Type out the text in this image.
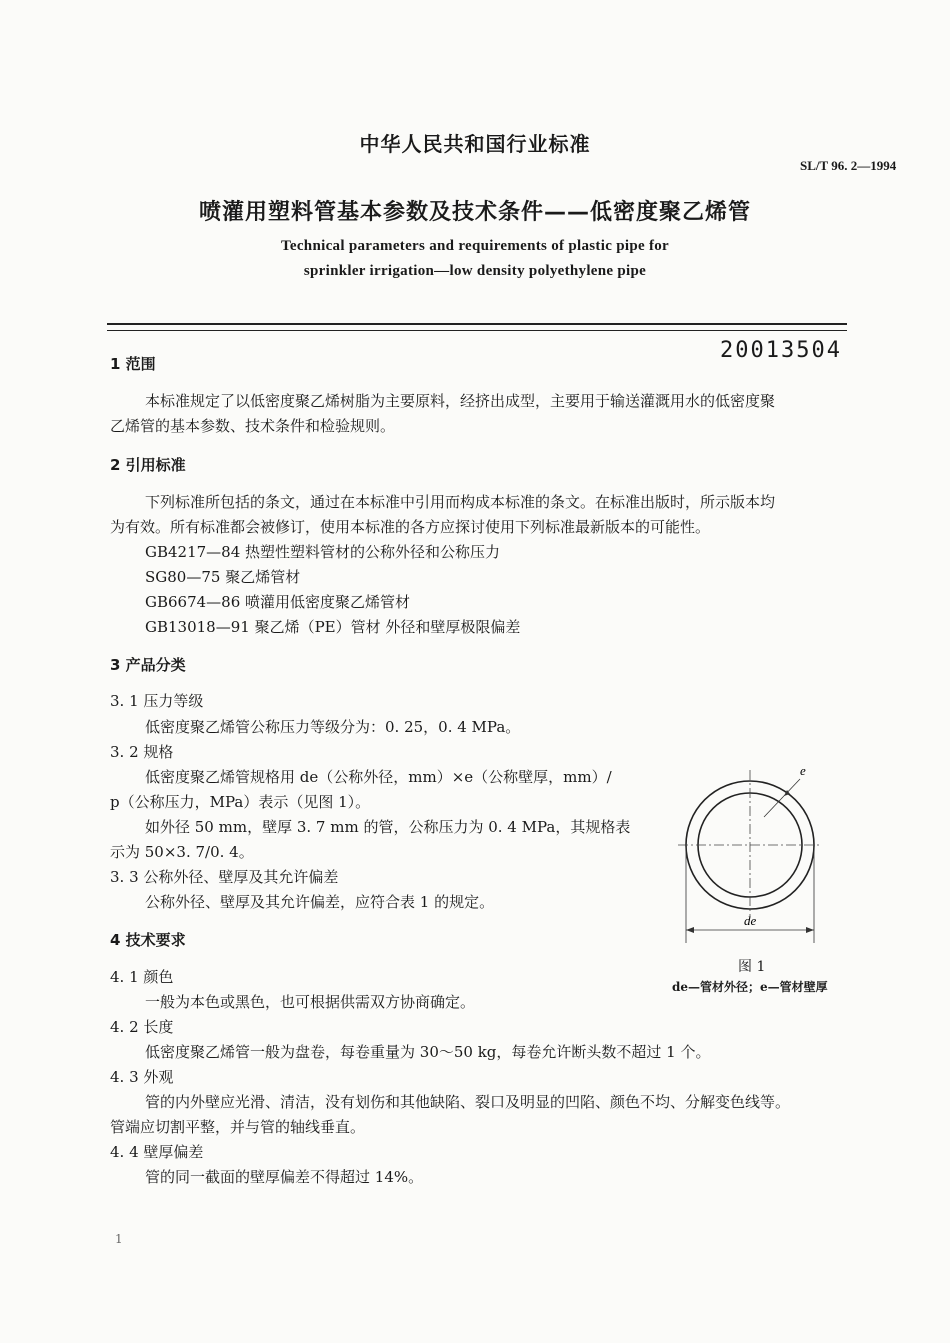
中华人民共和国行业标准
SL/T 96. 2—1994
喷灌用塑料管基本参数及技术条件——低密度聚乙烯管
Technical parameters and requirements of plastic pipe for
sprinkler irrigation—low density polyethylene pipe
20013504
1 范围
本标准规定了以低密度聚乙烯树脂为主要原料，经挤出成型，主要用于输送灌溉用水的低密度聚
乙烯管的基本参数、技术条件和检验规则。
2 引用标准
下列标准所包括的条文，通过在本标准中引用而构成本标准的条文。在标准出版时，所示版本均
为有效。所有标准都会被修订，使用本标准的各方应探讨使用下列标准最新版本的可能性。
GB4217—84 热塑性塑料管材的公称外径和公称压力
SG80—75 聚乙烯管材
GB6674—86 喷灌用低密度聚乙烯管材
GB13018—91 聚乙烯（PE）管材 外径和壁厚极限偏差
3 产品分类
3. 1 压力等级
低密度聚乙烯管公称压力等级分为：0. 25，0. 4 MPa。
3. 2 规格
低密度聚乙烯管规格用 de（公称外径，mm）×e（公称壁厚，mm）/
p（公称压力，MPa）表示（见图 1）。
如外径 50 mm，壁厚 3. 7 mm 的管，公称压力为 0. 4 MPa，其规格表
示为 50×3. 7/0. 4。
3. 3 公称外径、壁厚及其允许偏差
公称外径、壁厚及其允许偏差，应符合表 1 的规定。
e
de
图 1
de—管材外径；e—管材壁厚
4 技术要求
4. 1 颜色
一般为本色或黑色，也可根据供需双方协商确定。
4. 2 长度
低密度聚乙烯管一般为盘卷，每卷重量为 30～50 kg，每卷允许断头数不超过 1 个。
4. 3 外观
管的内外壁应光滑、清洁，没有划伤和其他缺陷、裂口及明显的凹陷、颜色不均、分解变色线等。
管端应切割平整，并与管的轴线垂直。
4. 4 壁厚偏差
管的同一截面的壁厚偏差不得超过 14%。
1
